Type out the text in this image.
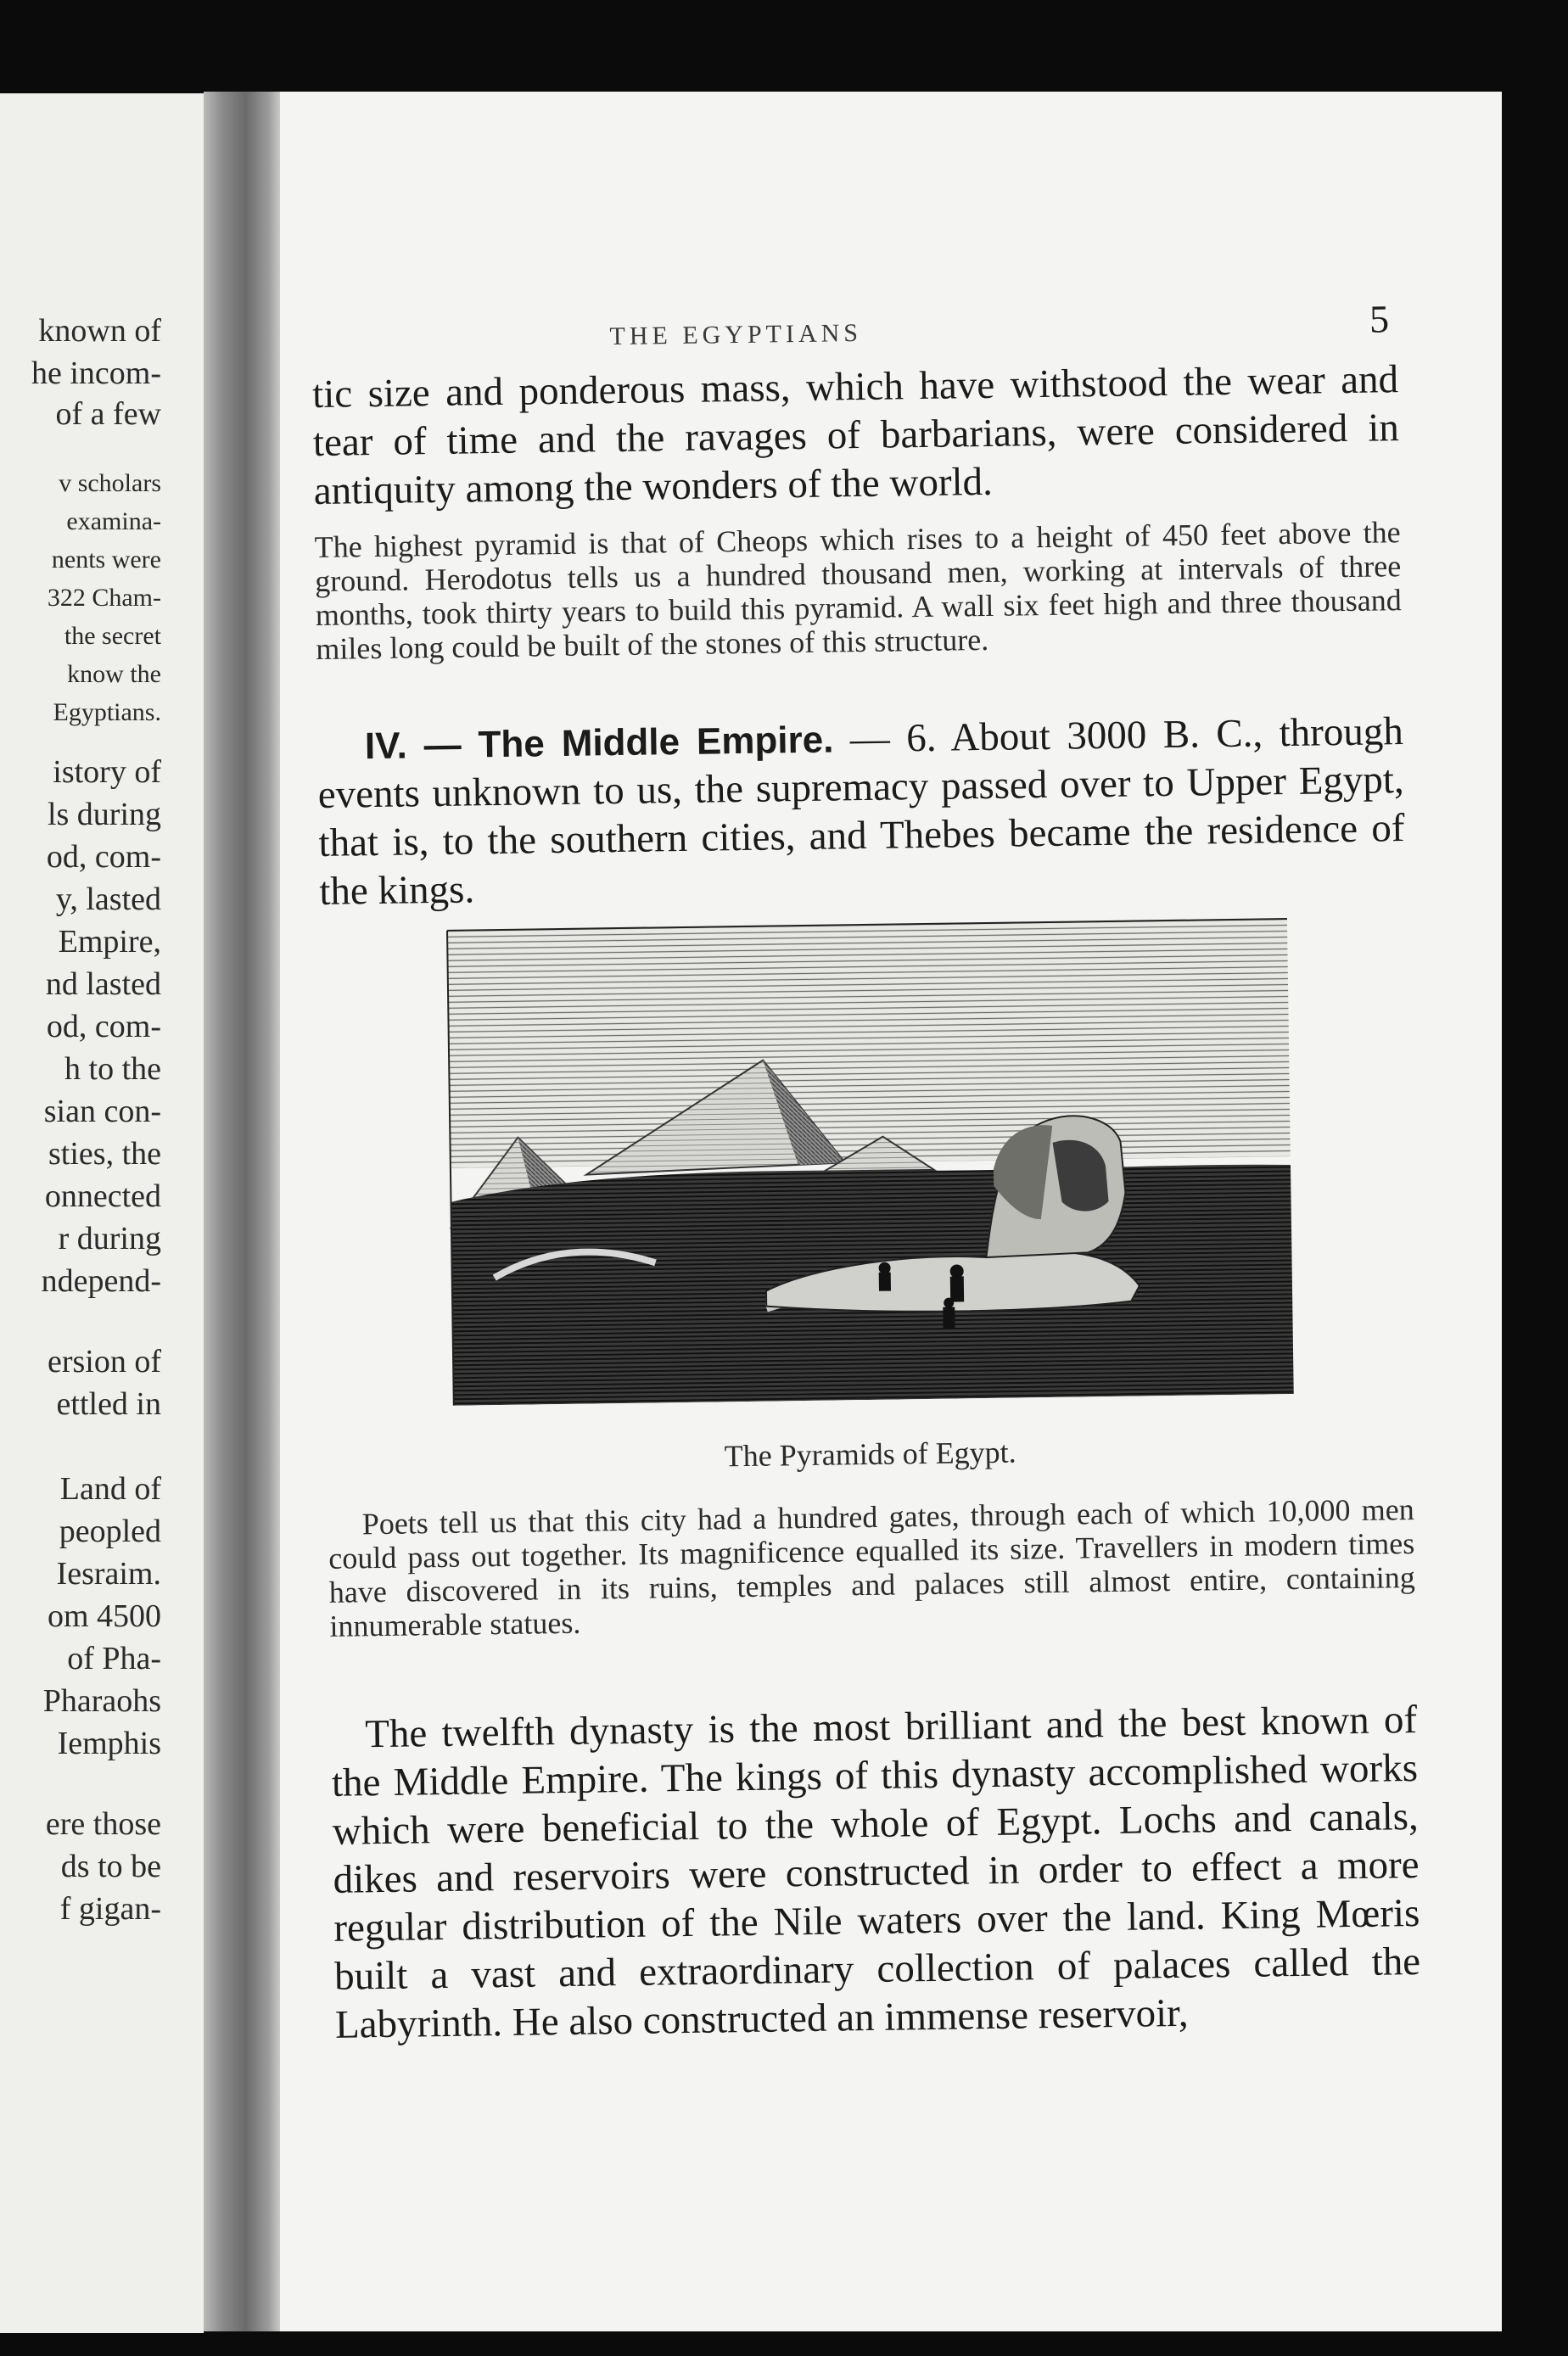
known of
he incom-
of a few
v scholars
examina-
nents were
322 Cham-
the secret
know the
Egyptians.
istory of
ls during
od, com-
y, lasted
Empire,
nd lasted
od, com-
h to the
sian con-
sties, the
onnected
r during
ndepend-
ersion of
ettled in
Land of
peopled
Iesraim.
om 4500
of Pha-
Pharaohs
Iemphis
ere those
ds to be
f gigan-
THE EGYPTIANS	5

tic size and ponderous mass, which have withstood the wear and tear of time and the ravages of barbarians, were considered in antiquity among the wonders of the world.

The highest pyramid is that of Cheops which rises to a height of 450 feet above the ground. Herodotus tells us a hundred thousand men, working at intervals of three months, took thirty years to build this pyramid. A wall six feet high and three thousand miles long could be built of the stones of this structure.

IV. — The Middle Empire. — 6. About 3000 B. C., through events unknown to us, the supremacy passed over to Upper Egypt, that is, to the southern cities, and Thebes became the residence of the kings.

The Pyramids of Egypt.

Poets tell us that this city had a hundred gates, through each of which 10,000 men could pass out together. Its magnificence equalled its size. Travellers in modern times have discovered in its ruins, temples and palaces still almost entire, containing innumerable statues.

The twelfth dynasty is the most brilliant and the best known of the Middle Empire. The kings of this dynasty accomplished works which were beneficial to the whole of Egypt. Lochs and canals, dikes and reservoirs were constructed in order to effect a more regular distribution of the Nile waters over the land. King Mœris built a vast and extraordinary collection of palaces called the Labyrinth. He also constructed an immense reservoir,
